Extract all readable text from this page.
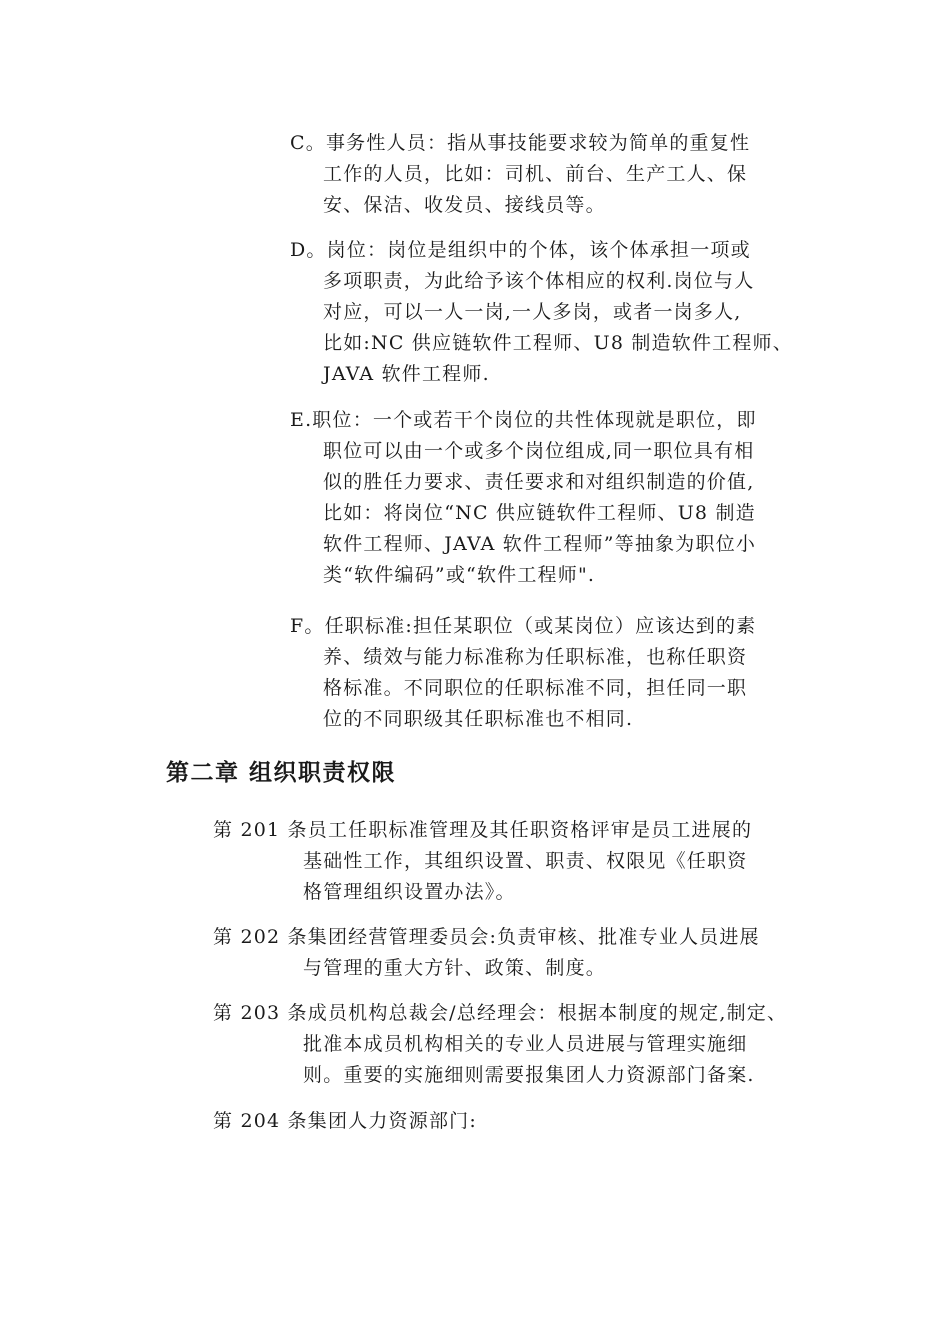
C。事务性人员：指从事技能要求较为简单的重复性
工作的人员，比如：司机、前台、生产工人、保
安、保洁、收发员、接线员等。
D。岗位：岗位是组织中的个体，该个体承担一项或
多项职责，为此给予该个体相应的权利.岗位与人
对应，可以一人一岗,一人多岗，或者一岗多人,
比如:NC 供应链软件工程师、U8 制造软件工程师、
JAVA 软件工程师.
E.职位：一个或若干个岗位的共性体现就是职位，即
职位可以由一个或多个岗位组成,同一职位具有相
似的胜任力要求、责任要求和对组织制造的价值,
比如：将岗位“NC 供应链软件工程师、U8 制造
软件工程师、JAVA 软件工程师”等抽象为职位小
类“软件编码”或“软件工程师".
F。任职标准:担任某职位（或某岗位）应该达到的素
养、绩效与能力标准称为任职标准，也称任职资
格标准。不同职位的任职标准不同，担任同一职
位的不同职级其任职标准也不相同.
第二章 组织职责权限
第 201 条员工任职标准管理及其任职资格评审是员工进展的
基础性工作，其组织设置、职责、权限见《任职资
格管理组织设置办法》。
第 202 条集团经营管理委员会:负责审核、批准专业人员进展
与管理的重大方针、政策、制度。
第 203 条成员机构总裁会/总经理会：根据本制度的规定,制定、
批准本成员机构相关的专业人员进展与管理实施细
则。重要的实施细则需要报集团人力资源部门备案.
第 204 条集团人力资源部门:
